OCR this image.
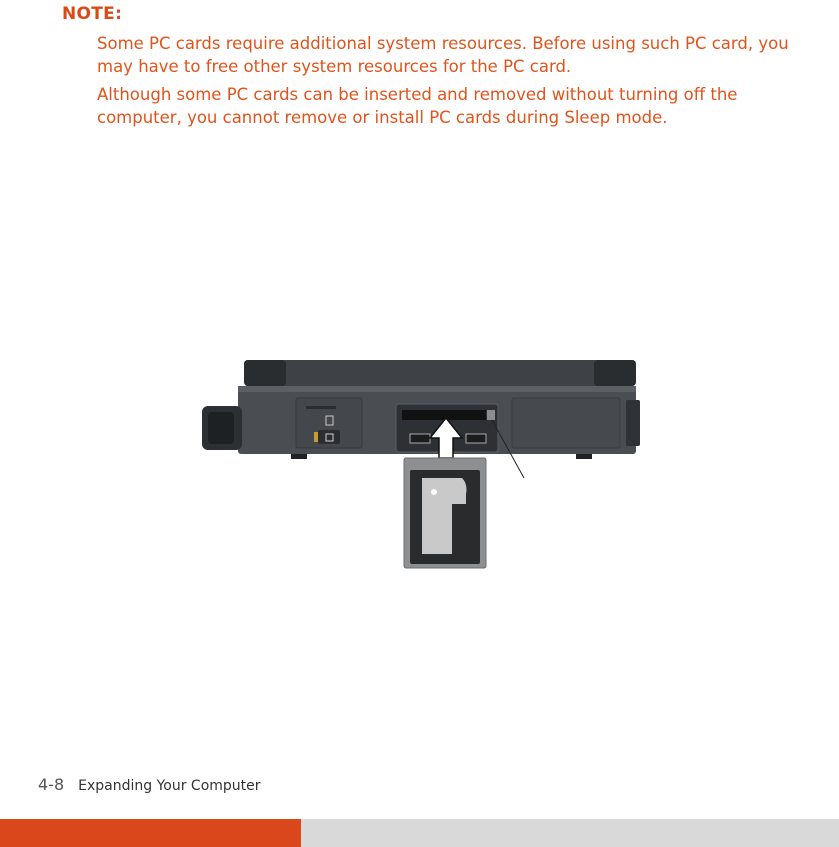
NOTE:

Some PC cards require additional system resources. Before using such PC card, you may have to free other system resources for the PC card.

Although some PC cards can be inserted and removed without turning off the computer, you cannot remove or install PC cards during Sleep mode.

4-8 Expanding Your Computer
